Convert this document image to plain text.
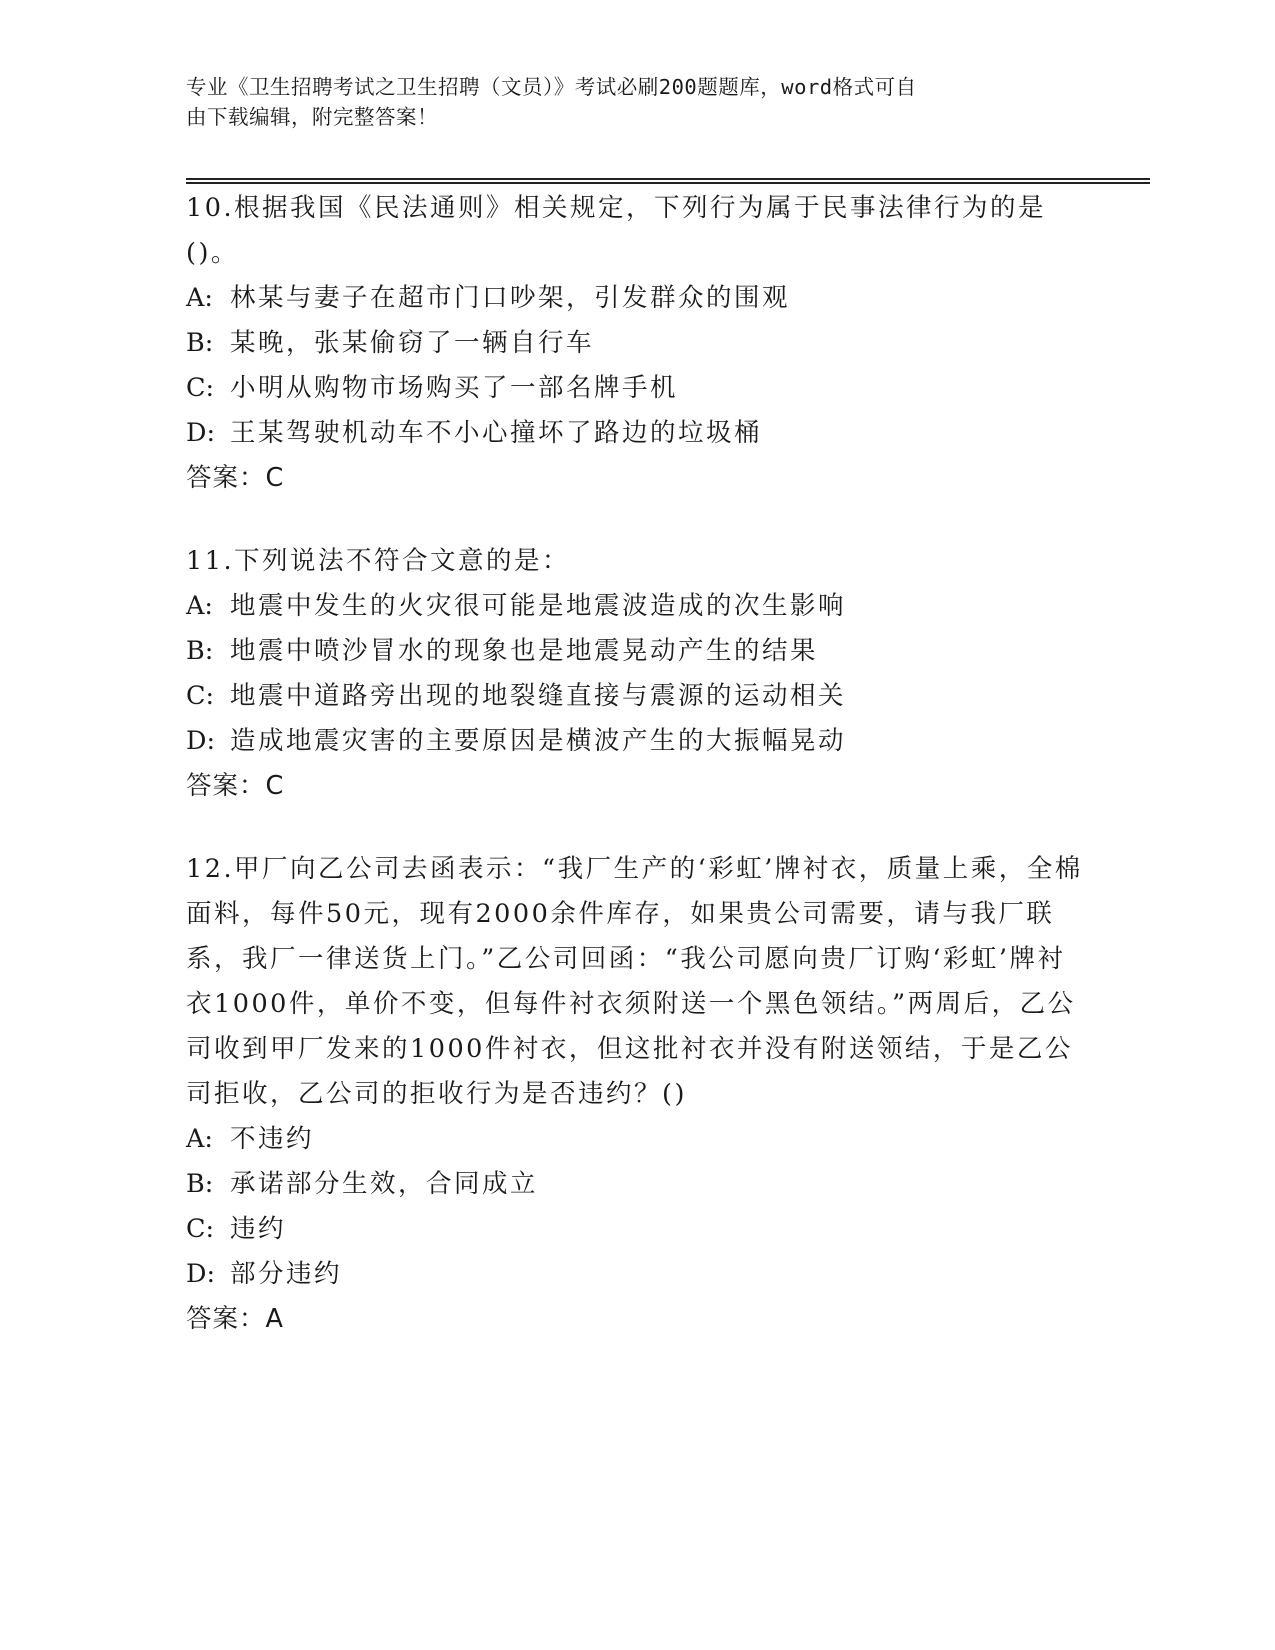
专业《卫生招聘考试之卫生招聘（文员）》考试必刷200题题库，word格式可自
由下载编辑，附完整答案！

10.根据我国《民法通则》相关规定，下列行为属于民事法律行为的是()。

A: 林某与妻子在超市门口吵架，引发群众的围观

B: 某晚，张某偷窃了一辆自行车

C: 小明从购物市场购买了一部名牌手机

D: 王某驾驶机动车不小心撞坏了路边的垃圾桶

答案：C

11.下列说法不符合文意的是：

A: 地震中发生的火灾很可能是地震波造成的次生影响

B: 地震中喷沙冒水的现象也是地震晃动产生的结果

C: 地震中道路旁出现的地裂缝直接与震源的运动相关

D: 造成地震灾害的主要原因是横波产生的大振幅晃动

答案：C

12.甲厂向乙公司去函表示：“我厂生产的‘彩虹’牌衬衣，质量上乘，全棉面料，每件50元，现有2000余件库存，如果贵公司需要，请与我厂联系，我厂一律送货上门。”乙公司回函：“我公司愿向贵厂订购‘彩虹’牌衬衣1000件，单价不变，但每件衬衣须附送一个黑色领结。”两周后，乙公司收到甲厂发来的1000件衬衣，但这批衬衣并没有附送领结，于是乙公司拒收，乙公司的拒收行为是否违约？()

A: 不违约

B: 承诺部分生效，合同成立

C: 违约

D: 部分违约

答案：A
